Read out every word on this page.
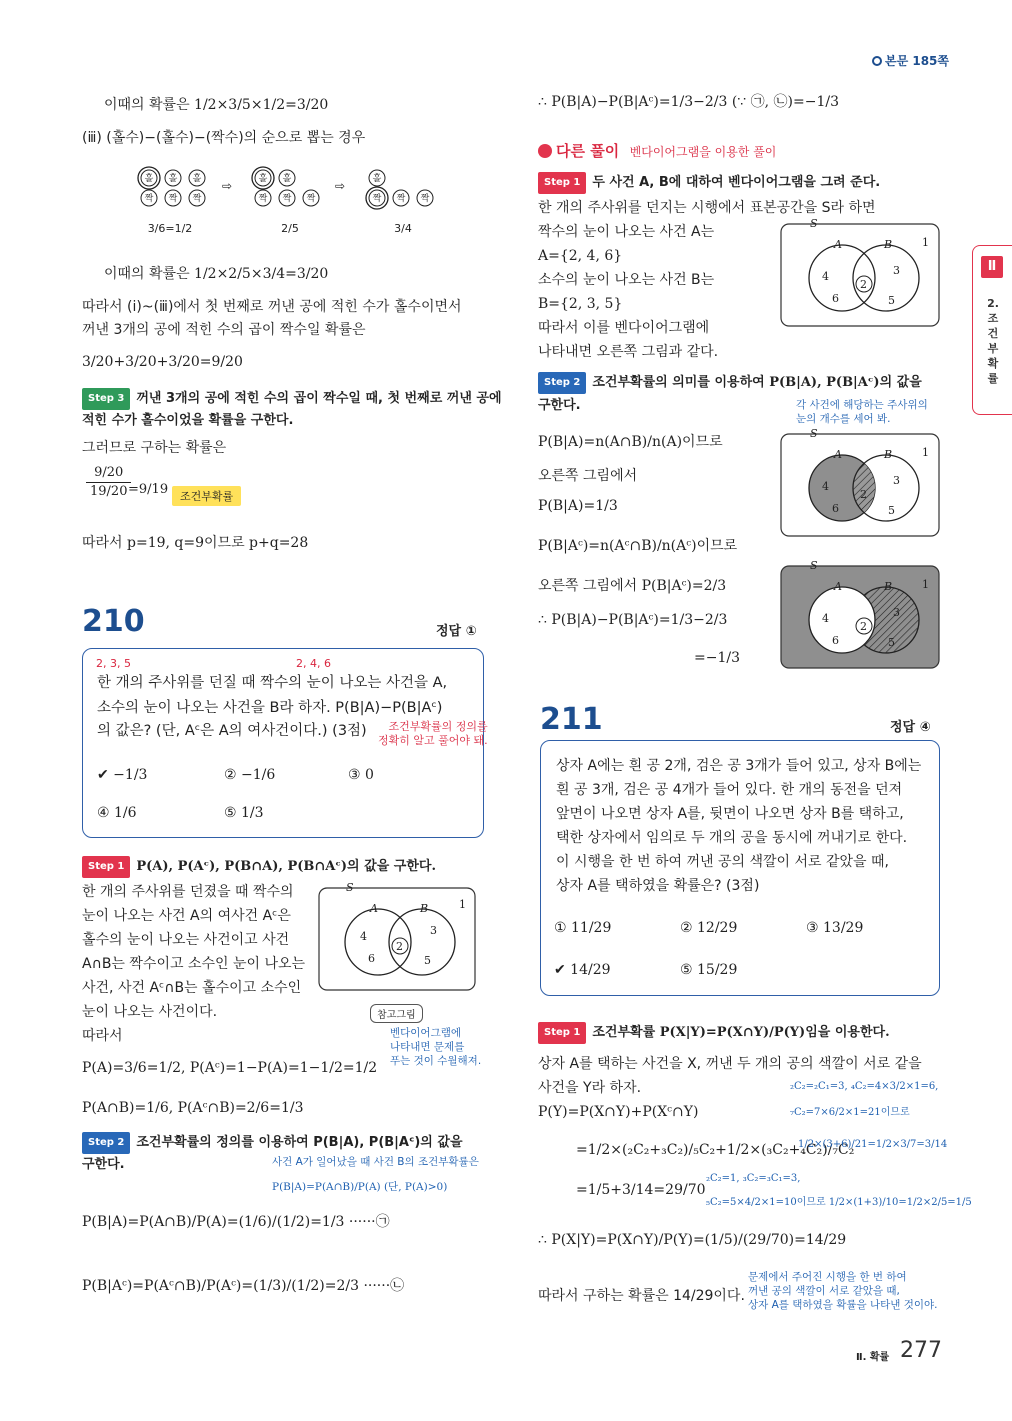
본문 185쪽
Ⅱ
2.조건부확률
이때의 확률은 1/2×3/5×1/2=3/20
(ⅲ) (홀수)−(홀수)−(짝수)의 순으로 뽑는 경우
홀 홀 홀
짝 짝 짝
⇨	홀 홀
짝 짝 짝
⇨	홀
짝 짝 짝
3/6=1/2	2/5	3/4
이때의 확률은 1/2×2/5×3/4=3/20
따라서 (ⅰ)~(ⅲ)에서 첫 번째로 꺼낸 공에 적힌 수가 홀수이면서
꺼낸 3개의 공에 적힌 수의 곱이 짝수일 확률은
3/20+3/20+3/20=9/20
Step 3 꺼낸 3개의 공에 적힌 수의 곱이 짝수일 때, 첫 번째로 꺼낸 공에
적힌 수가 홀수이었을 확률을 구한다.
그러므로 구하는 확률은
9/20
19/20 =9/19	조건부확률
따라서 p=19, q=9이므로 p+q=28
210	정답 ①
2, 3, 5	2, 4, 6
한 개의 주사위를 던질 때 짝수의 눈이 나오는 사건을 A,
소수의 눈이 나오는 사건을 B라 하자. P(B|A)−P(B|Aᶜ)
의 값은? (단, Aᶜ은 A의 여사건이다.) (3점)	조건부확률의 정의를
정확히 알고 풀어야 돼.
✔ −1/3	② −1/6	③ 0
④ 1/6	⑤ 1/3
Step 1 P(A), P(Aᶜ), P(B∩A), P(B∩Aᶜ)의 값을 구한다.
한 개의 주사위를 던졌을 때 짝수의
눈이 나오는 사건 A의 여사건 Aᶜ은
홀수의 눈이 나오는 사건이고 사건
A∩B는 짝수이고 소수인 눈이 나오는
사건, 사건 Aᶜ∩B는 홀수이고 소수인
눈이 나오는 사건이다.
따라서
S
A	B	1
4
6
2
3
5
참고그림
벤다이어그램에
나타내면 문제를
푸는 것이 수월해져.
P(A)=3/6=1/2, P(Aᶜ)=1−P(A)=1−1/2=1/2
P(A∩B)=1/6, P(Aᶜ∩B)=2/6=1/3
Step 2 조건부확률의 정의를 이용하여 P(B|A), P(B|Aᶜ)의 값을
구한다.	사건 A가 일어났을 때 사건 B의 조건부확률은
P(B|A)=P(A∩B)/P(A) (단, P(A)>0)
P(B|A)=P(A∩B)/P(A)=(1/6)/(1/2)=1/3 ······㉠
P(B|Aᶜ)=P(Aᶜ∩B)/P(Aᶜ)=(1/3)/(1/2)=2/3 ······㉡
∴ P(B|A)−P(B|Aᶜ)=1/3−2/3 (∵ ㉠, ㉡)=−1/3
다른 풀이 벤다이어그램을 이용한 풀이
Step 1 두 사건 A, B에 대하여 벤다이어그램을 그려 준다.
한 개의 주사위를 던지는 시행에서 표본공간을 S라 하면
짝수의 눈이 나오는 사건 A는
A={2, 4, 6}
소수의 눈이 나오는 사건 B는
B={2, 3, 5}
따라서 이를 벤다이어그램에
나타내면 오른쪽 그림과 같다.
S
A	B	1
4
6
2
3
5
Step 2 조건부확률의 의미를 이용하여 P(B|A), P(B|Aᶜ)의 값을
구한다.	각 사건에 해당하는 주사위의
눈의 개수를 세어 봐.
P(B|A)=n(A∩B)/n(A)이므로
오른쪽 그림에서
P(B|A)=1/3
P(B|Aᶜ)=n(Aᶜ∩B)/n(Aᶜ)이므로
오른쪽 그림에서 P(B|Aᶜ)=2/3
∴ P(B|A)−P(B|Aᶜ)=1/3−2/3
=−1/3
S
A	B	1
4
6
2
3
5
S
A	B	1
4
6
2
3
5
211	정답 ④
상자 A에는 흰 공 2개, 검은 공 3개가 들어 있고, 상자 B에는
흰 공 3개, 검은 공 4개가 들어 있다. 한 개의 동전을 던져
앞면이 나오면 상자 A를, 뒷면이 나오면 상자 B를 택하고,
택한 상자에서 임의로 두 개의 공을 동시에 꺼내기로 한다.
이 시행을 한 번 하여 꺼낸 공의 색깔이 서로 같았을 때,
상자 A를 택하였을 확률은? (3점)
① 11/29	② 12/29	③ 13/29
✔ 14/29	⑤ 15/29
Step 1 조건부확률 P(X|Y)=P(X∩Y)/P(Y)임을 이용한다.
상자 A를 택하는 사건을 X, 꺼낸 두 개의 공의 색깔이 서로 같을
사건을 Y라 하자.
P(Y)=P(X∩Y)+P(Xᶜ∩Y)
=1/2×(₂C₂+₃C₂)/₅C₂+1/2×(₃C₂+₄C₂)/₇C₂
=1/5+3/14=29/70
₂C₂=₂C₁=3, ₄C₂=4×3/2×1=6,
₇C₂=7×6/2×1=21이므로
1/2×(3+6)/21=1/2×3/7=3/14
₂C₂=1, ₃C₂=₃C₁=3,
₅C₂=5×4/2×1=10이므로 1/2×(1+3)/10=1/2×2/5=1/5
∴ P(X|Y)=P(X∩Y)/P(Y)=(1/5)/(29/70)=14/29
따라서 구하는 확률은 14/29이다.
문제에서 주어진 시행을 한 번 하여
꺼낸 공의 색깔이 서로 같았을 때,
상자 A를 택하였을 확률을 나타낸 것이야.
Ⅱ. 확률 277
